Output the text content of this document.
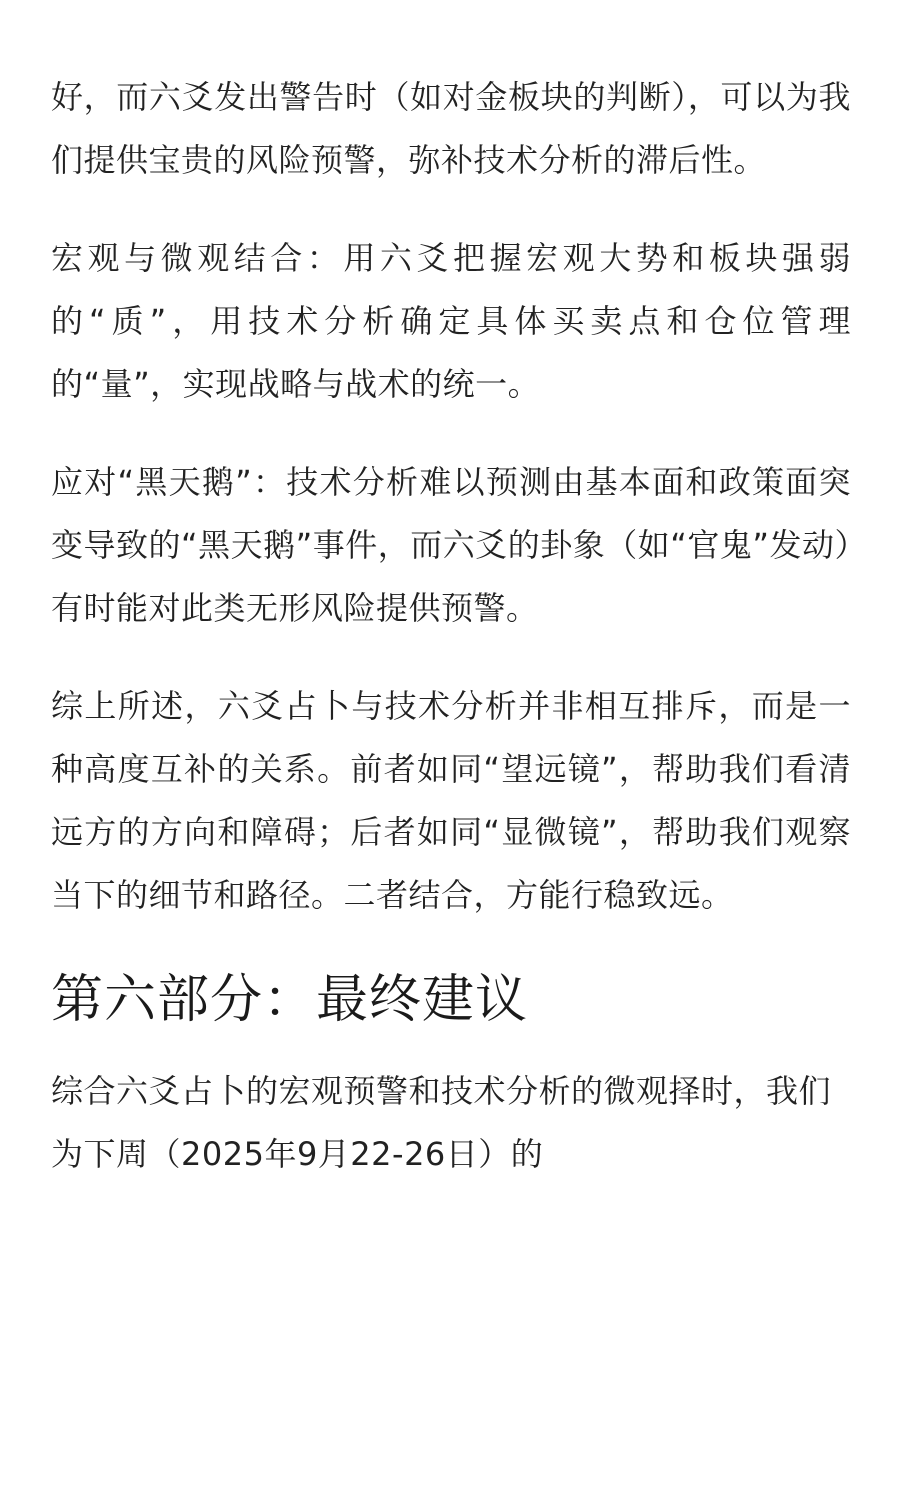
好，而六爻发出警告时（如对金板块的判断），可以为我们提供宝贵的风险预警，弥补技术分析的滞后性。

宏观与微观结合：用六爻把握宏观大势和板块强弱的“质”，用技术分析确定具体买卖点和仓位管理的“量”，实现战略与战术的统一。

应对“黑天鹅”：技术分析难以预测由基本面和政策面突变导致的“黑天鹅”事件，而六爻的卦象（如“官鬼”发动）有时能对此类无形风险提供预警。

综上所述，六爻占卜与技术分析并非相互排斥，而是一种高度互补的关系。前者如同“望远镜”，帮助我们看清远方的方向和障碍；后者如同“显微镜”，帮助我们观察当下的细节和路径。二者结合，方能行稳致远。

第六部分：最终建议

综合六爻占卜的宏观预警和技术分析的微观择时，我们为下周（2025年9月22-26日）的
